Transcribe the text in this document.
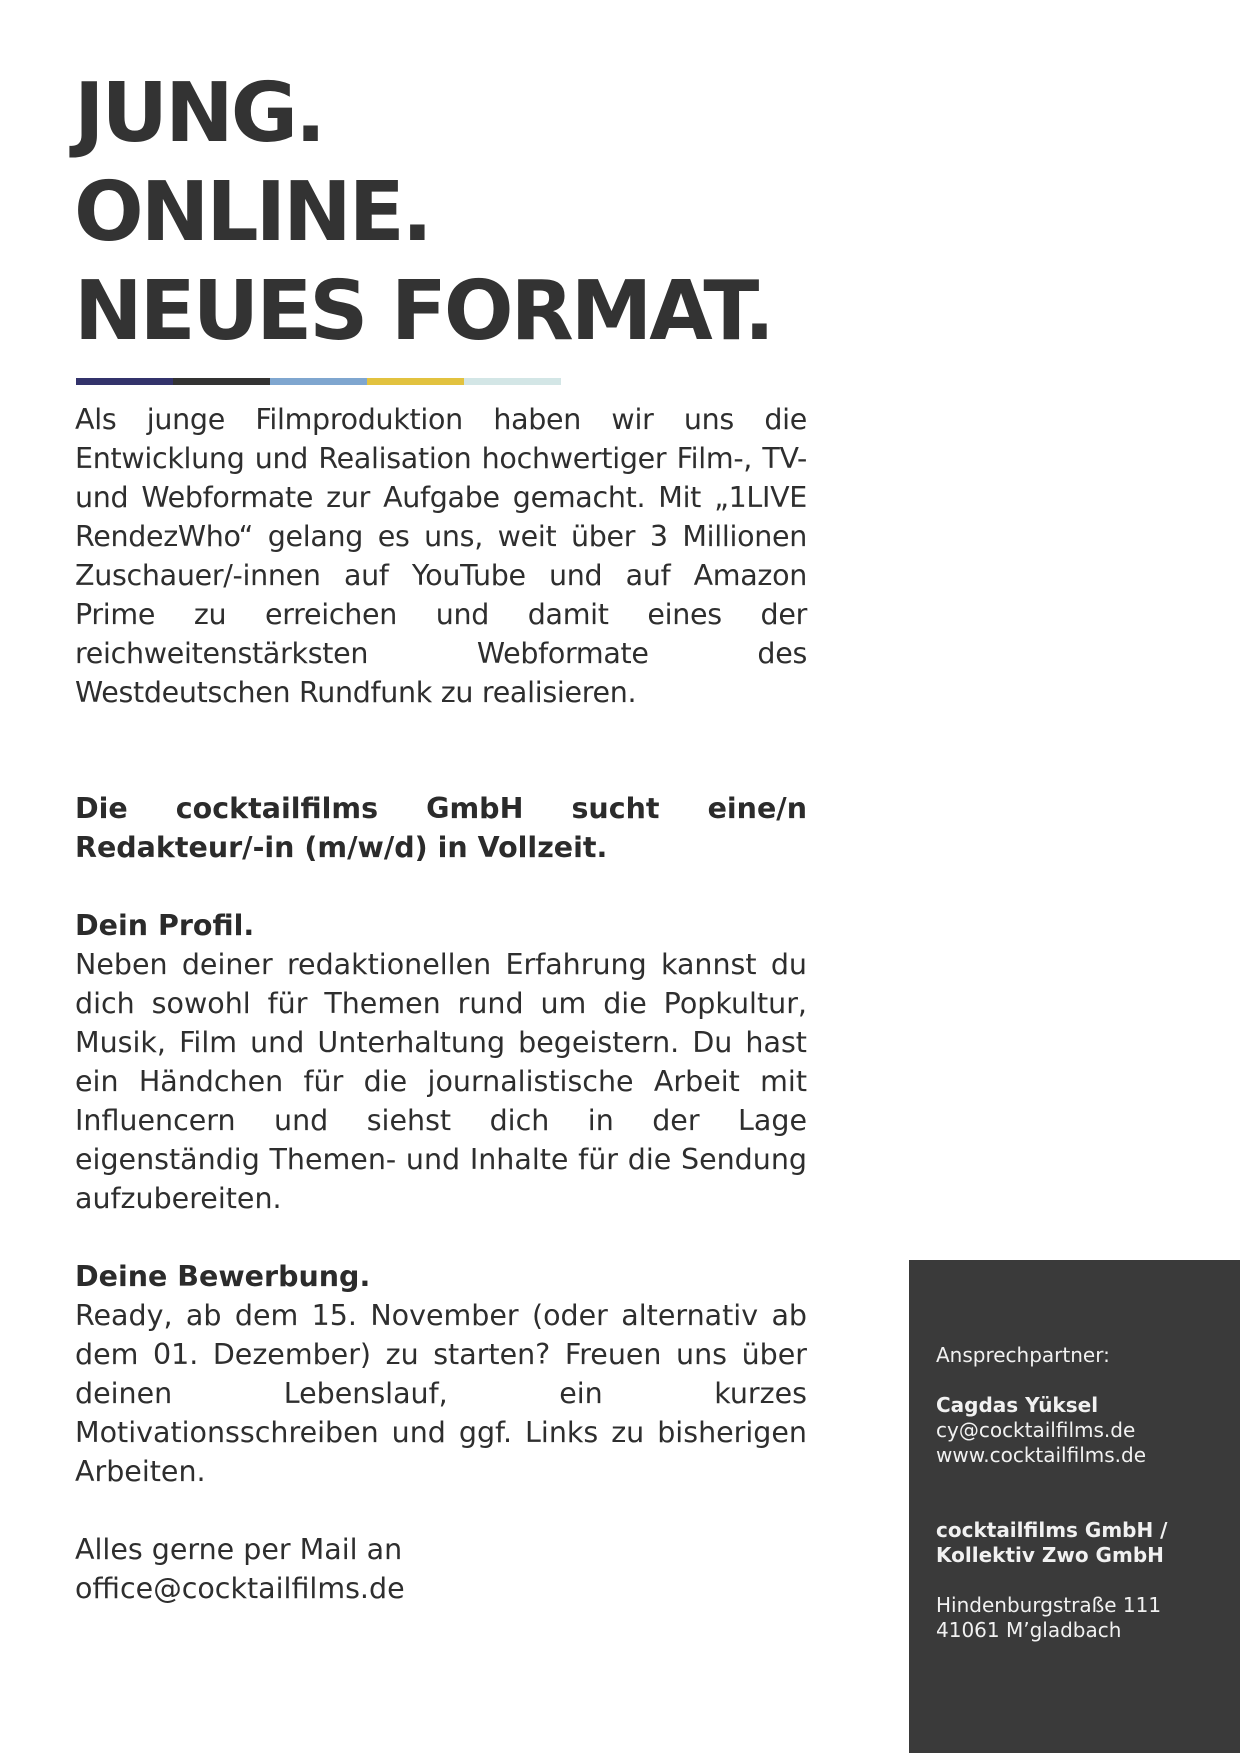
JUNG.
ONLINE.
NEUES FORMAT.

Als junge Filmproduktion haben wir uns die Entwicklung und Realisation hochwertiger Film-, TV- und Webformate zur Aufgabe gemacht. Mit „1LIVE RendezWho“ gelang es uns, weit über 3 Millionen Zuschauer/-innen auf YouTube und auf Amazon Prime zu erreichen und damit eines der reichweitenstärksten Webformate des Westdeutschen Rundfunk zu realisieren.

Die cocktailfilms GmbH sucht eine/n Redakteur/-in (m/w/d) in Vollzeit.

Dein Profil.

Neben deiner redaktionellen Erfahrung kannst du dich sowohl für Themen rund um die Popkultur, Musik, Film und Unterhaltung begeistern. Du hast ein Händchen für die journalistische Arbeit mit Influencern und siehst dich in der Lage eigenständig Themen- und Inhalte für die Sendung aufzubereiten.

Deine Bewerbung.

Ready, ab dem 15. November (oder alternativ ab dem 01. Dezember) zu starten? Freuen uns über deinen Lebenslauf, ein kurzes Motivationsschreiben und ggf. Links zu bisherigen Arbeiten.

Alles gerne per Mail an

office@cocktailfilms.de

Ansprechpartner:
Cagdas Yüksel
cy@cocktailfilms.de
www.cocktailfilms.de
cocktailfilms GmbH /
Kollektiv Zwo GmbH
Hindenburgstraße 111
41061 M’gladbach
